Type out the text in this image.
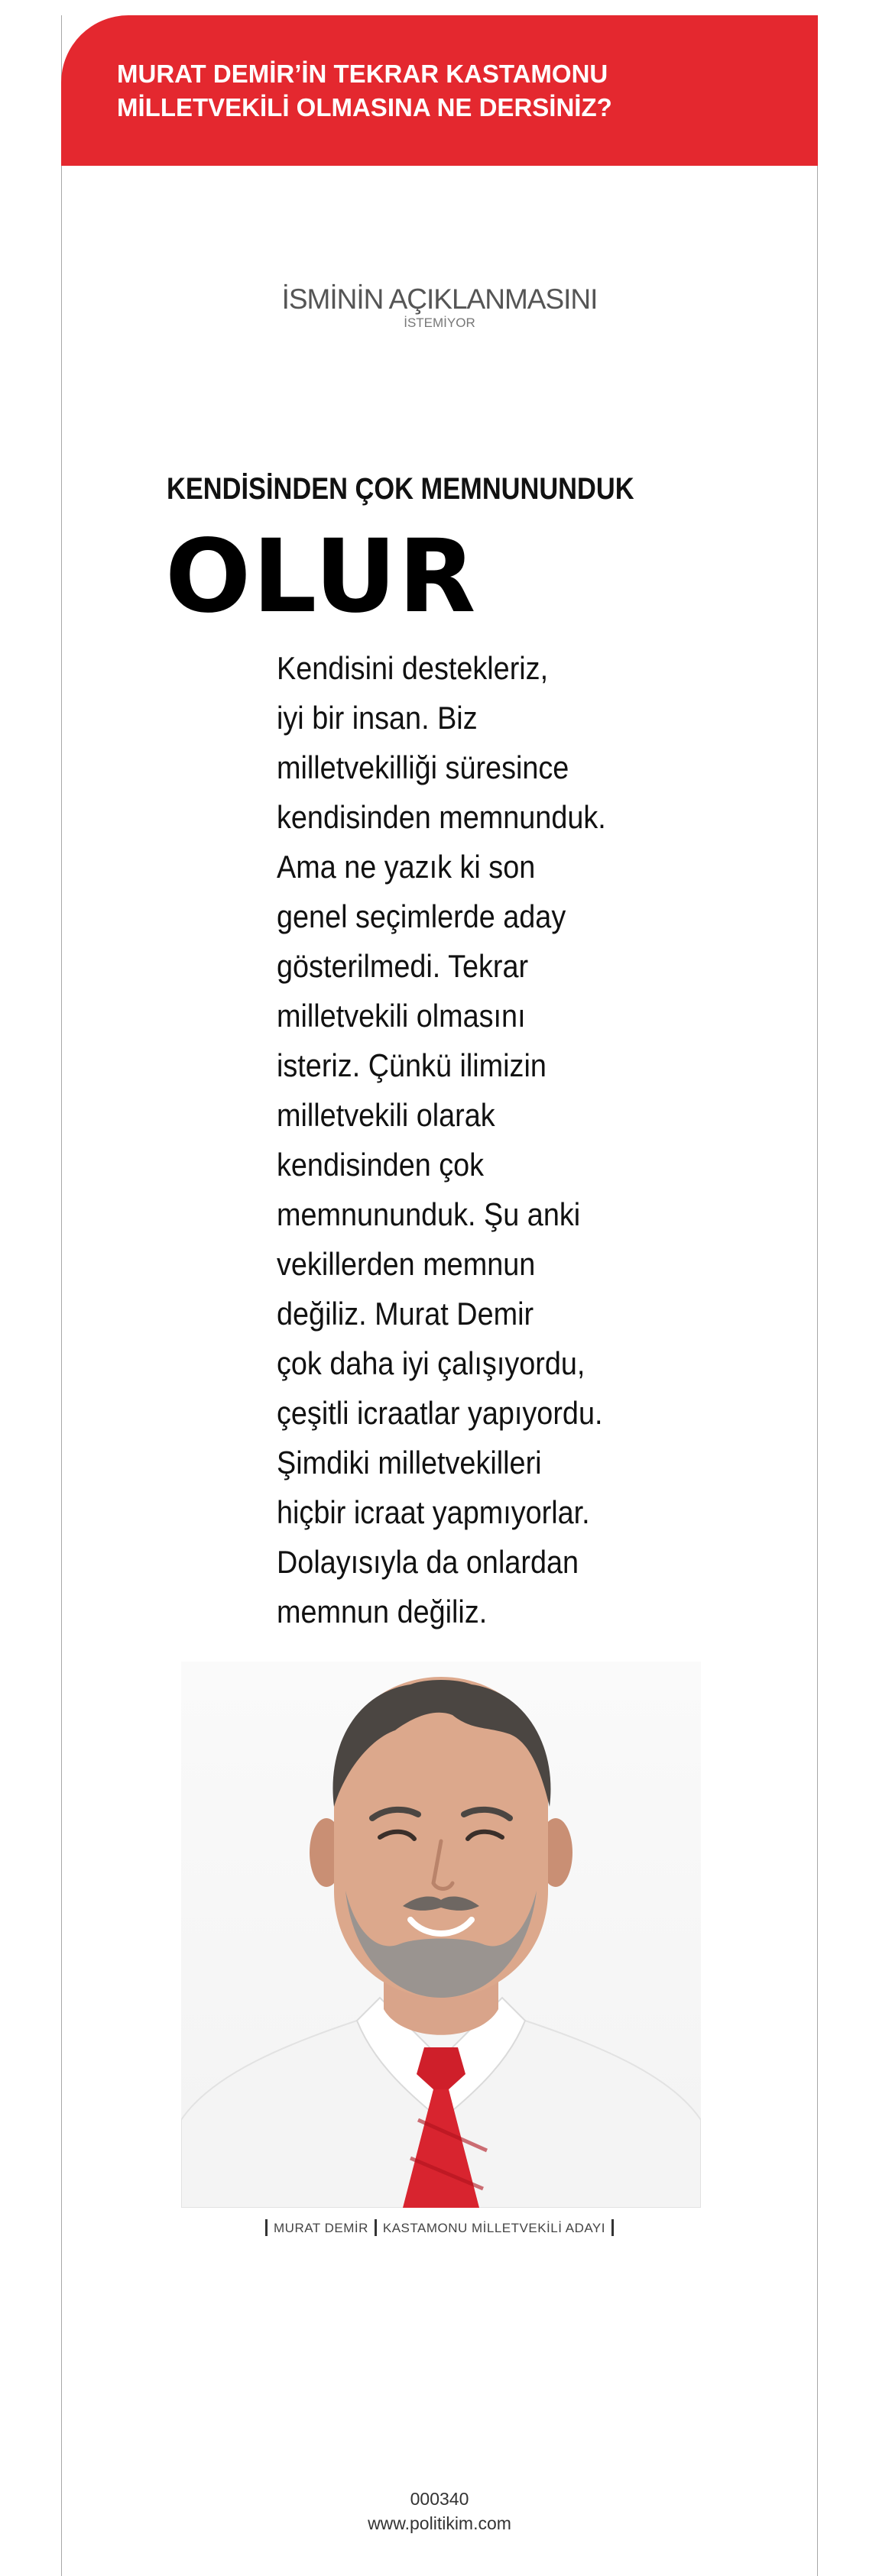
MURAT DEMİR’İN TEKRAR KASTAMONU
MİLLETVEKİLİ OLMASINA NE DERSİNİZ?
İSMİNİN AÇIKLANMASINI
İSTEMİYOR
KENDİSİNDEN ÇOK MEMNUNUNDUK
OLUR
Kendisini destekleriz,
iyi bir insan. Biz
milletvekilliği süresince
kendisinden memnunduk.
Ama ne yazık ki son
genel seçimlerde aday
gösterilmedi. Tekrar
milletvekili olmasını
isteriz. Çünkü ilimizin
milletvekili olarak
kendisinden çok
memnununduk. Şu anki
vekillerden memnun
değiliz. Murat Demir
çok daha iyi çalışıyordu,
çeşitli icraatlar yapıyordu.
Şimdiki milletvekilleri
hiçbir icraat yapmıyorlar.
Dolayısıyla da onlardan
memnun değiliz.
MURAT DEMİR KASTAMONU MİLLETVEKİLİ ADAYI
000340
www.politikim.com
